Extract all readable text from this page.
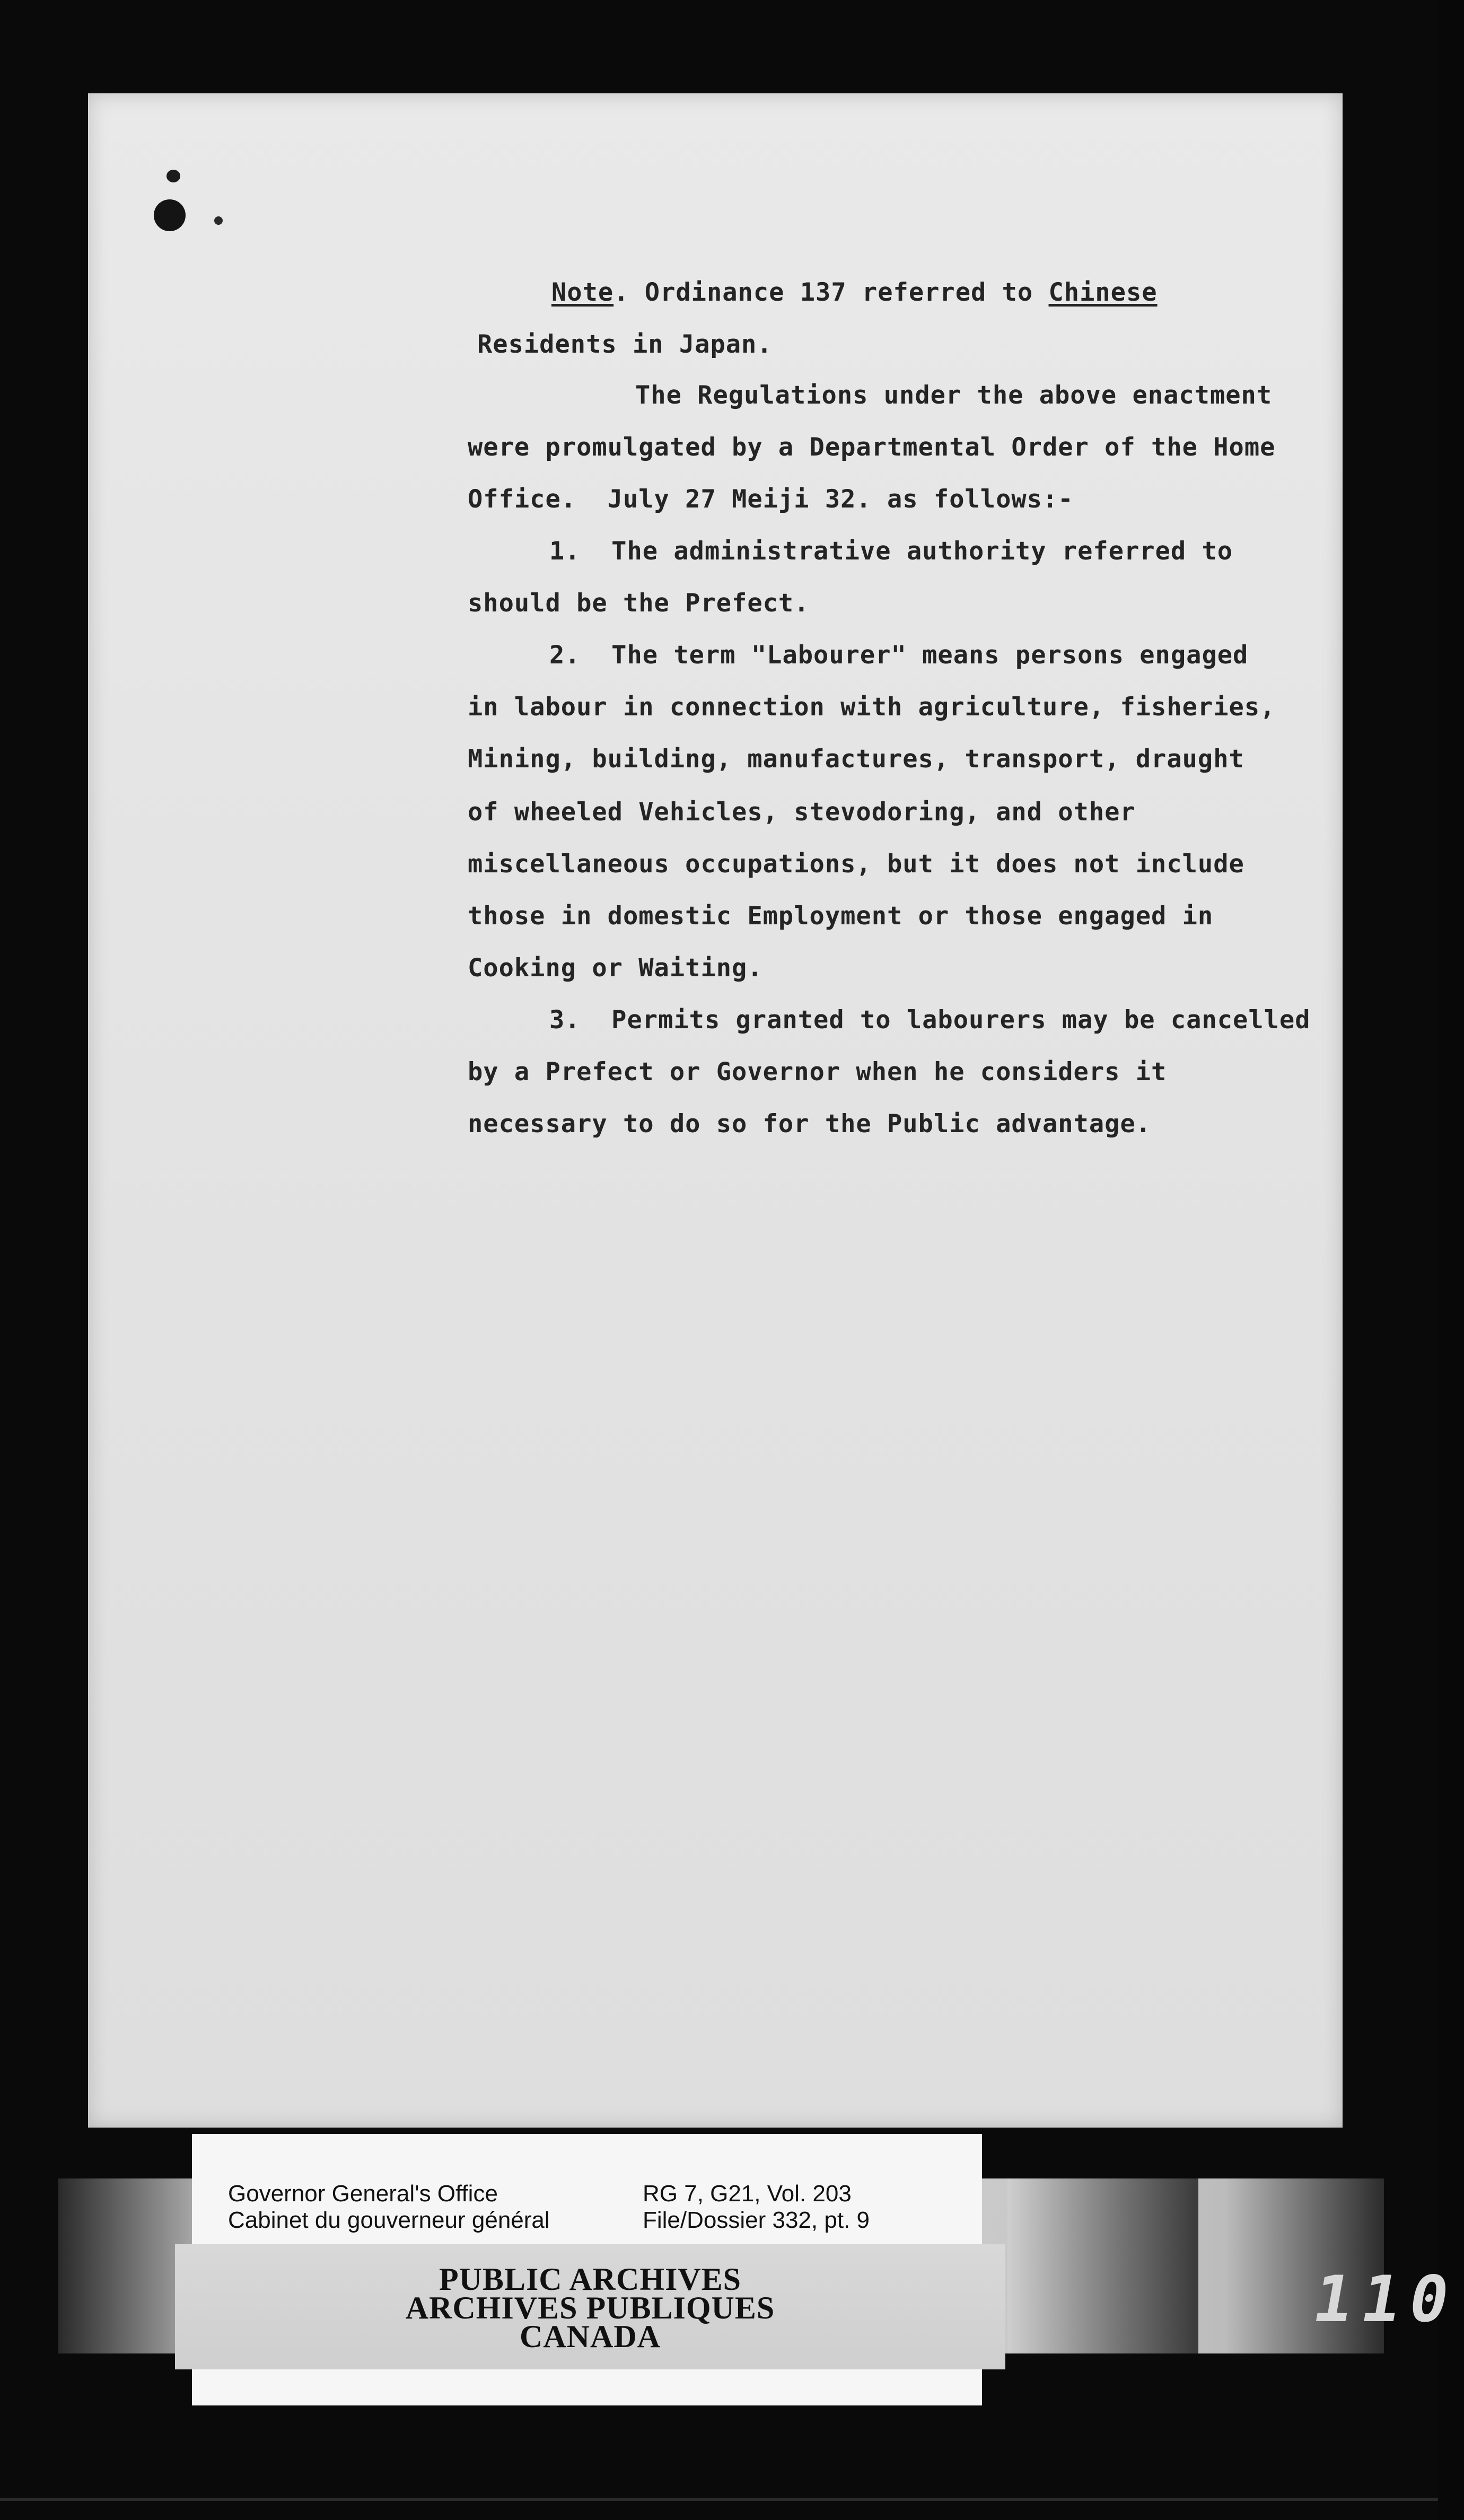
Note. Ordinance 137 referred to Chinese

Residents in Japan.

The Regulations under the above enactment

were promulgated by a Departmental Order of the Home

Office.  July 27 Meiji 32. as follows:-

1.  The administrative authority referred to

should be the Prefect.

2.  The term "Labourer" means persons engaged

in labour in connection with agriculture, fisheries,

Mining, building, manufactures, transport, draught

of wheeled Vehicles, stevodoring, and other

miscellaneous occupations, but it does not include

those in domestic Employment or those engaged in

Cooking or Waiting.

3.  Permits granted to labourers may be cancelled

by a Prefect or Governor when he considers it

necessary to do so for the Public advantage.

Governor General's Office
Cabinet du gouverneur général
RG 7, G21, Vol. 203
File/Dossier 332, pt. 9
PUBLIC ARCHIVES
ARCHIVES PUBLIQUES
CANADA	110
